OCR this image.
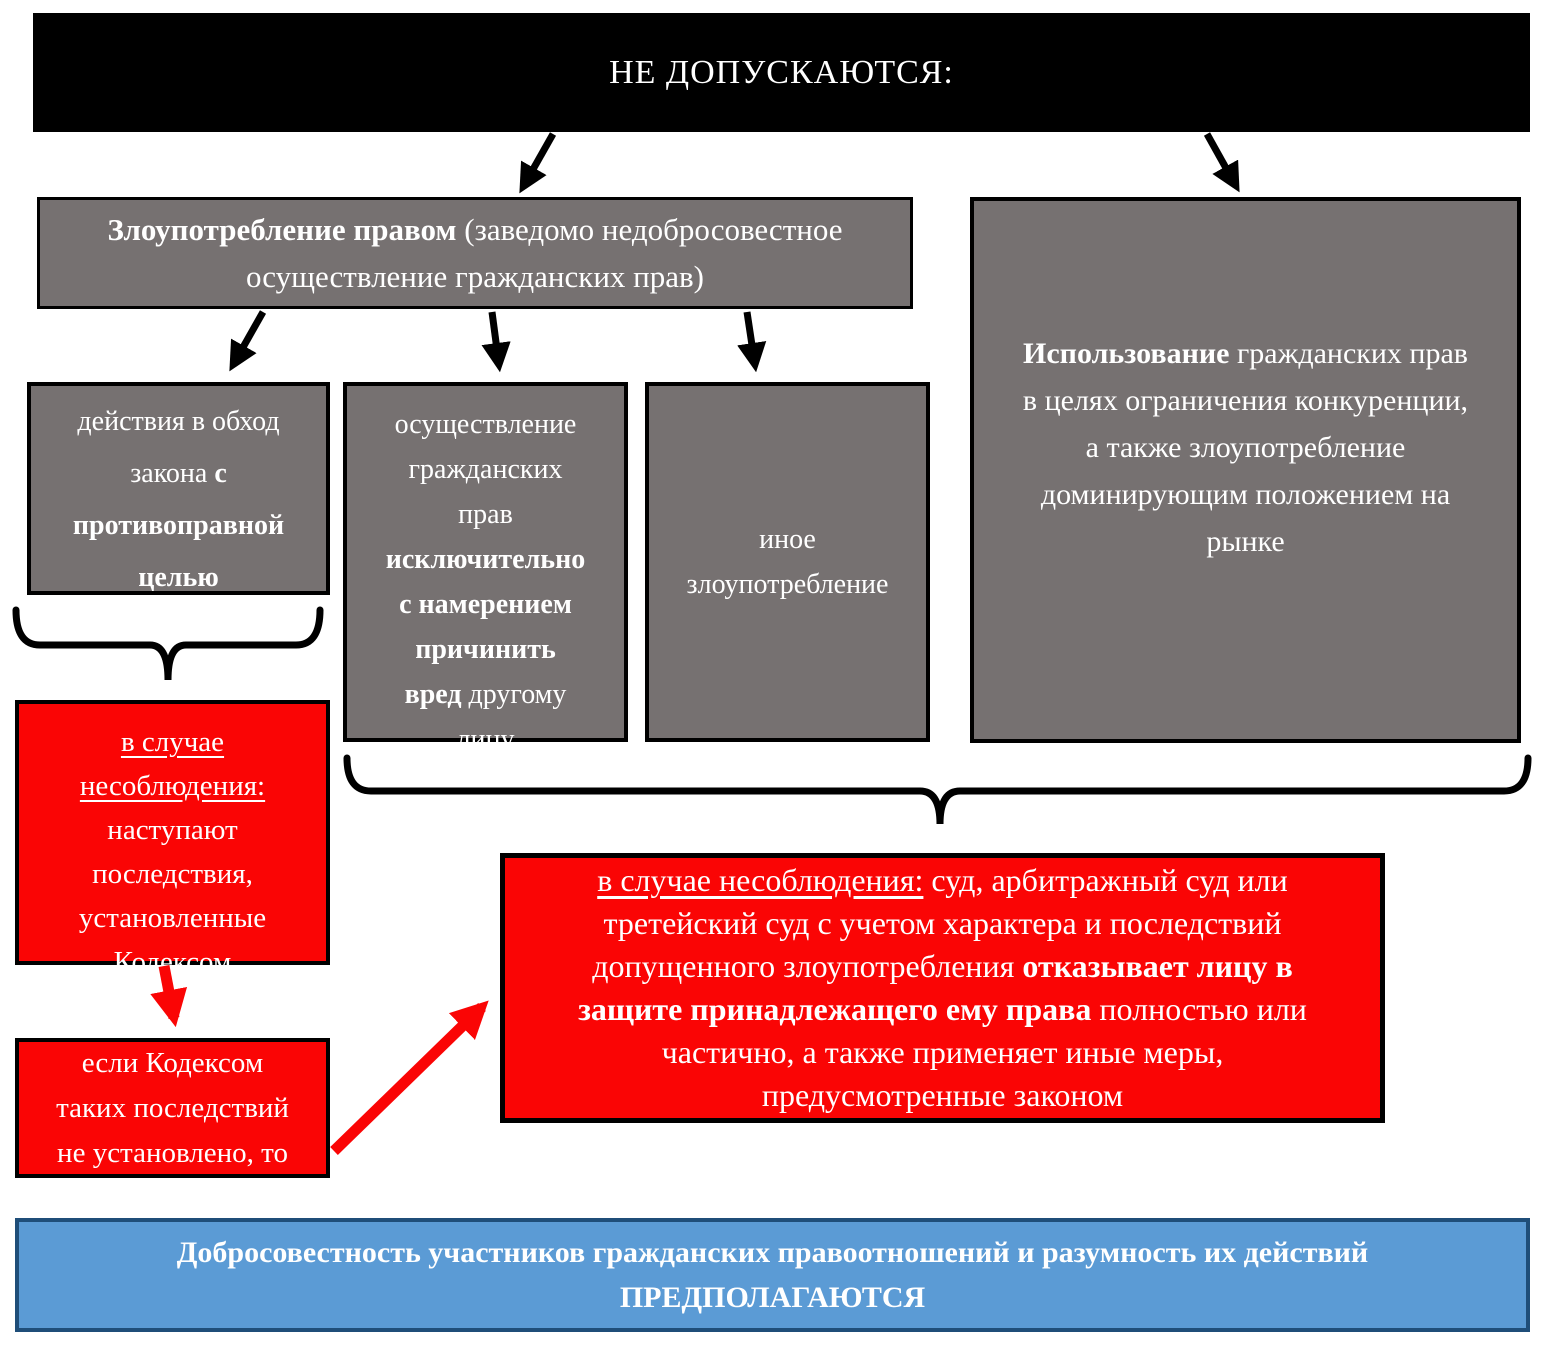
НЕ ДОПУСКАЮТСЯ:
Злоупотребление правом (заведомо недобросовестное
осуществление гражданских прав)
Использование гражданских прав
в целях ограничения конкуренции,
а также злоупотребление
доминирующим положением на
рынке
действия в обход
закона с
противоправной
целью
осуществление
гражданских
прав
исключительно
с намерением
причинить
вред другому
лицу
иное
злоупотребление
в случае
несоблюдения:
наступают
последствия,
установленные
Кодексом
если Кодексом
таких последствий
не установлено, то
в случае несоблюдения: суд, арбитражный суд или
третейский суд с учетом характера и последствий
допущенного злоупотребления отказывает лицу в
защите принадлежащего ему права полностью или
частично, а также применяет иные меры,
предусмотренные законом
Добросовестность участников гражданских правоотношений и разумность их действий
ПРЕДПОЛАГАЮТСЯ
